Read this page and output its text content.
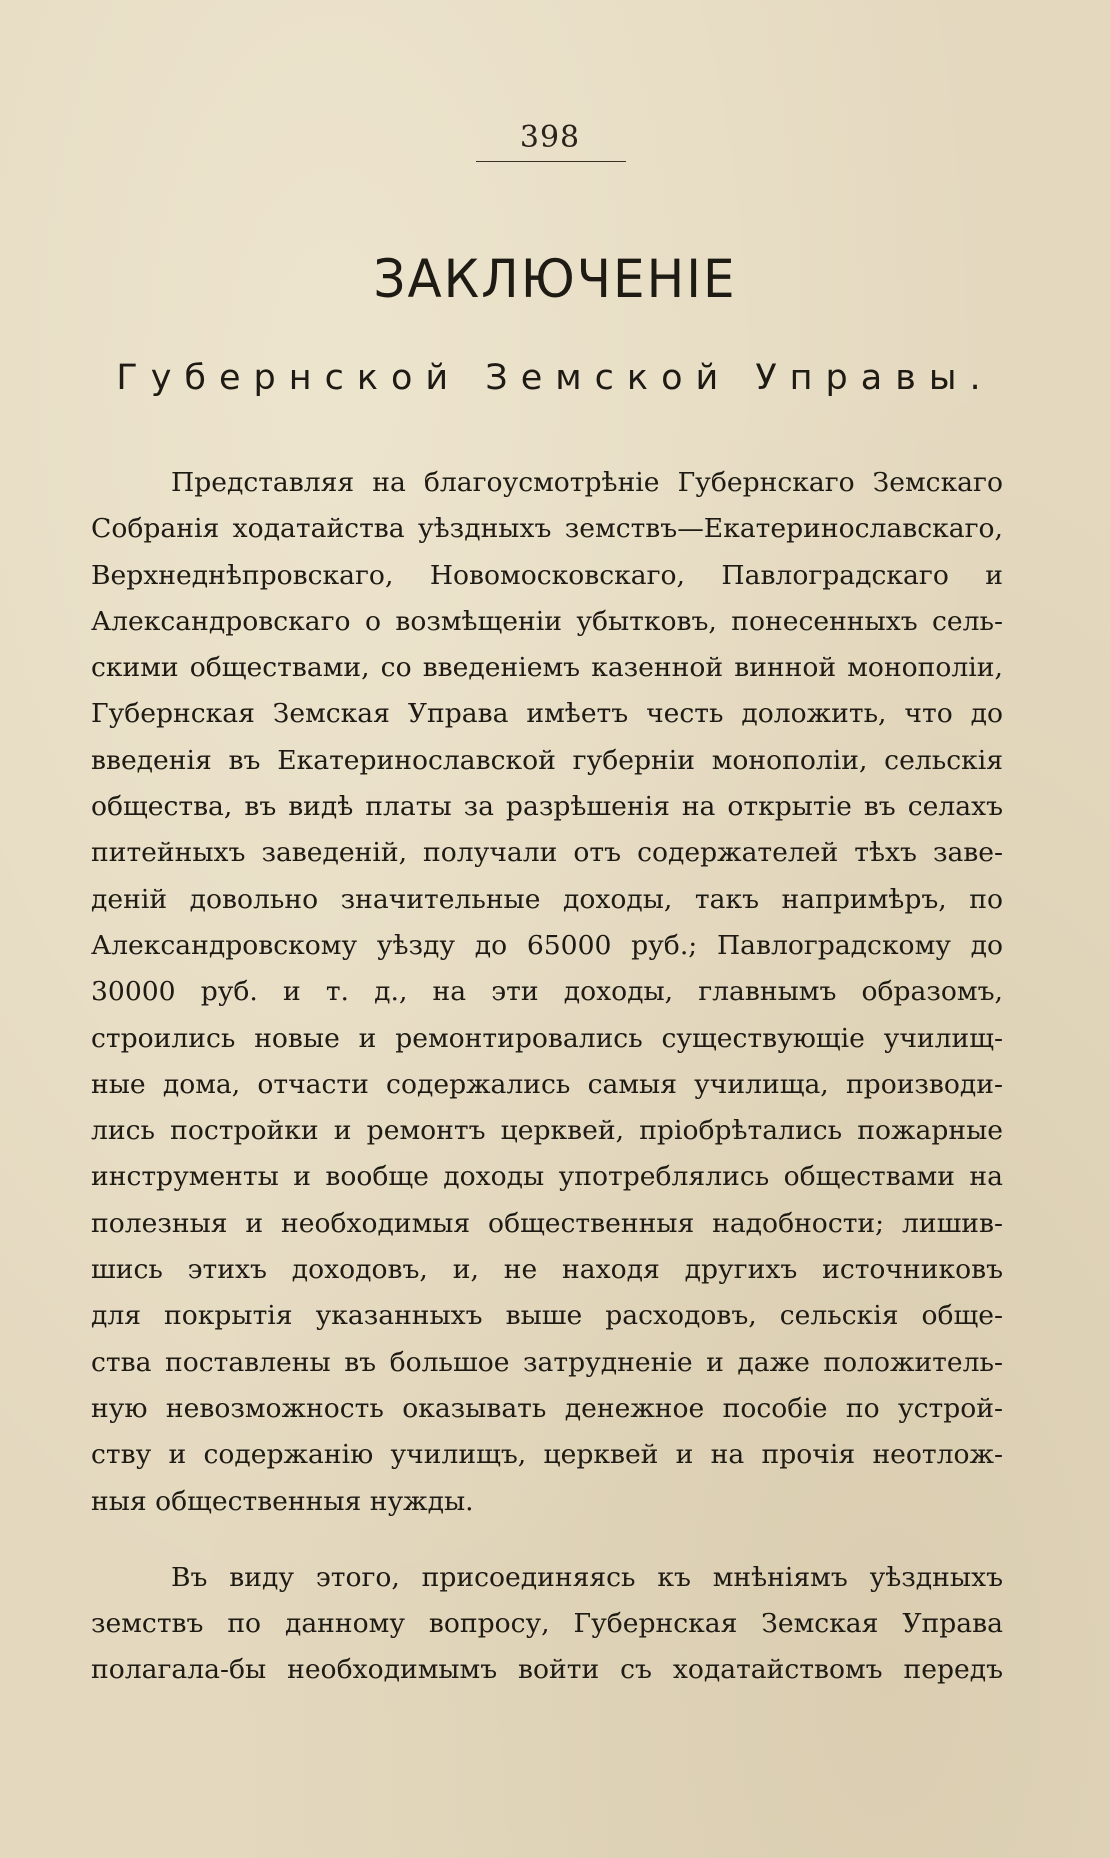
398
ЗАКЛЮЧЕНІЕ
Губернской Земской Управы.
Представляя на благоусмотрѣніе Губернскаго Земскаго
Собранія ходатайства уѣздныхъ земствъ—Екатеринославскаго,
Верхнеднѣпровскаго, Новомосковскаго, Павлоградскаго и
Александровскаго о возмѣщеніи убытковъ, понесенныхъ сель-
скими обществами, со введеніемъ казенной винной монополіи,
Губернская Земская Управа имѣетъ честь доложить, что до
введенія въ Екатеринославской губерніи монополіи, сельскія
общества, въ видѣ платы за разрѣшенія на открытіе въ селахъ
питейныхъ заведеній, получали отъ содержателей тѣхъ заве-
деній довольно значительные доходы, такъ напримѣръ, по
Александровскому уѣзду до 65000 руб.; Павлоградскому до
30000 руб. и т. д., на эти доходы, главнымъ образомъ,
строились новые и ремонтировались существующіе училищ-
ные дома, отчасти содержались самыя училища, производи-
лись постройки и ремонтъ церквей, пріобрѣтались пожарные
инструменты и вообще доходы употреблялись обществами на
полезныя и необходимыя общественныя надобности; лишив-
шись этихъ доходовъ, и, не находя другихъ источниковъ
для покрытія указанныхъ выше расходовъ, сельскія обще-
ства поставлены въ большое затрудненіе и даже положитель-
ную невозможность оказывать денежное пособіе по устрой-
ству и содержанію училищъ, церквей и на прочія неотлож-
ныя общественныя нужды.
Въ виду этого, присоединяясь къ мнѣніямъ уѣздныхъ
земствъ по данному вопросу, Губернская Земская Управа
полагала-бы необходимымъ войти съ ходатайствомъ передъ
